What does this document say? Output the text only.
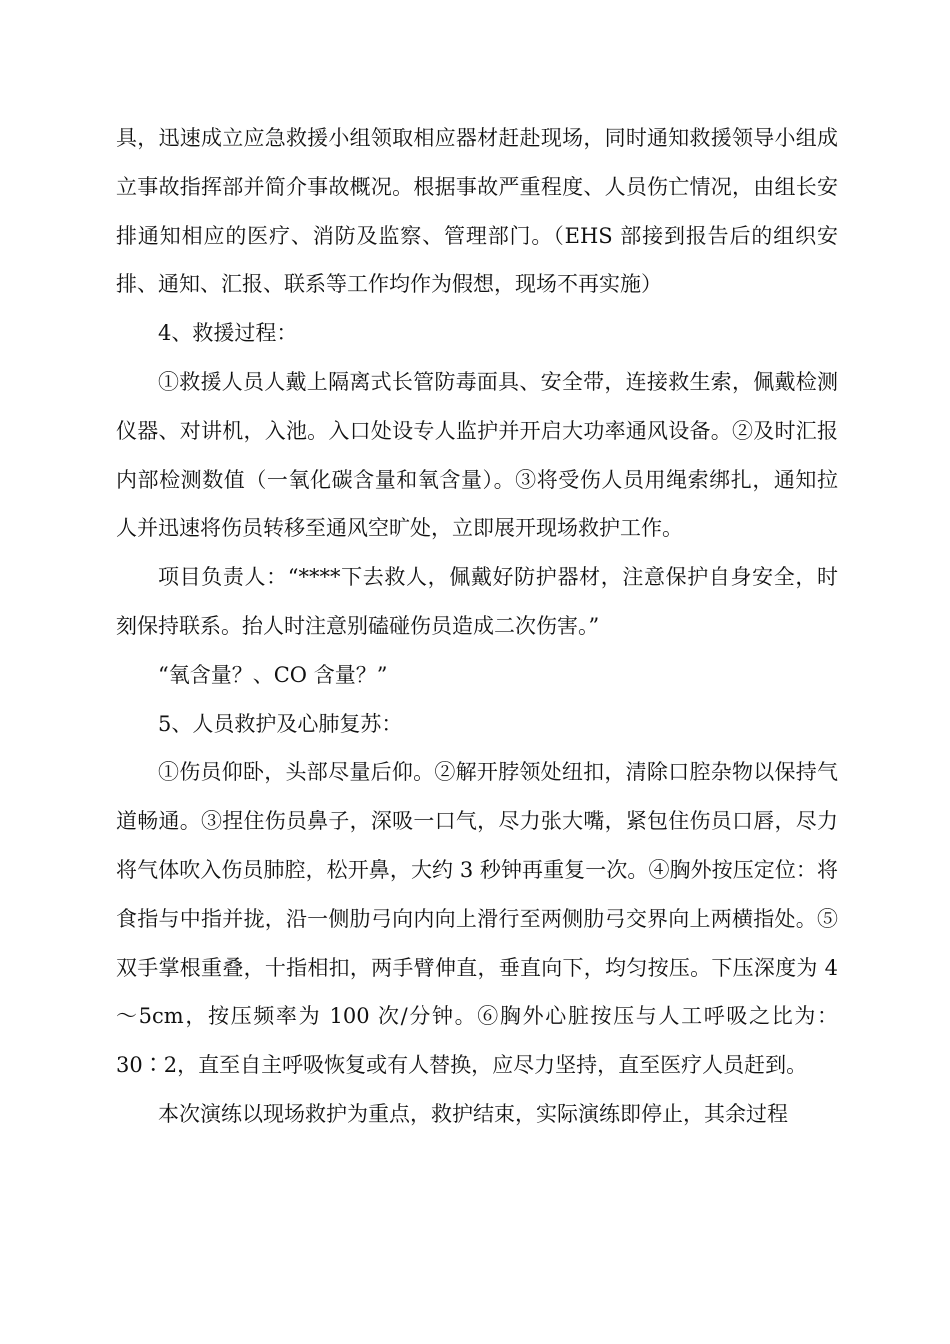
具，迅速成立应急救援小组领取相应器材赶赴现场，同时通知救援领导小组成立事故指挥部并简介事故概况。根据事故严重程度、人员伤亡情况，由组长安排通知相应的医疗、消防及监察、管理部门。（EHS 部接到报告后的组织安排、通知、汇报、联系等工作均作为假想，现场不再实施）

4、救援过程：

①救援人员人戴上隔离式长管防毒面具、安全带，连接救生索，佩戴检测仪器、对讲机，入池。入口处设专人监护并开启大功率通风设备。②及时汇报内部检测数值（一氧化碳含量和氧含量）。③将受伤人员用绳索绑扎，通知拉人并迅速将伤员转移至通风空旷处，立即展开现场救护工作。

项目负责人：“****下去救人，佩戴好防护器材，注意保护自身安全，时刻保持联系。抬人时注意别磕碰伤员造成二次伤害。”

“氧含量？、CO 含量？”

5、人员救护及心肺复苏：

①伤员仰卧，头部尽量后仰。②解开脖领处纽扣，清除口腔杂物以保持气道畅通。③捏住伤员鼻子，深吸一口气，尽力张大嘴，紧包住伤员口唇，尽力将气体吹入伤员肺腔，松开鼻，大约 3 秒钟再重复一次。④胸外按压定位：将食指与中指并拢，沿一侧肋弓向内向上滑行至两侧肋弓交界向上两横指处。⑤双手掌根重叠，十指相扣，两手臂伸直，垂直向下，均匀按压。下压深度为 4～5cm，按压频率为 100 次/分钟。⑥胸外心脏按压与人工呼吸之比为：30∶2，直至自主呼吸恢复或有人替换，应尽力坚持，直至医疗人员赶到。

本次演练以现场救护为重点，救护结束，实际演练即停止，其余过程
